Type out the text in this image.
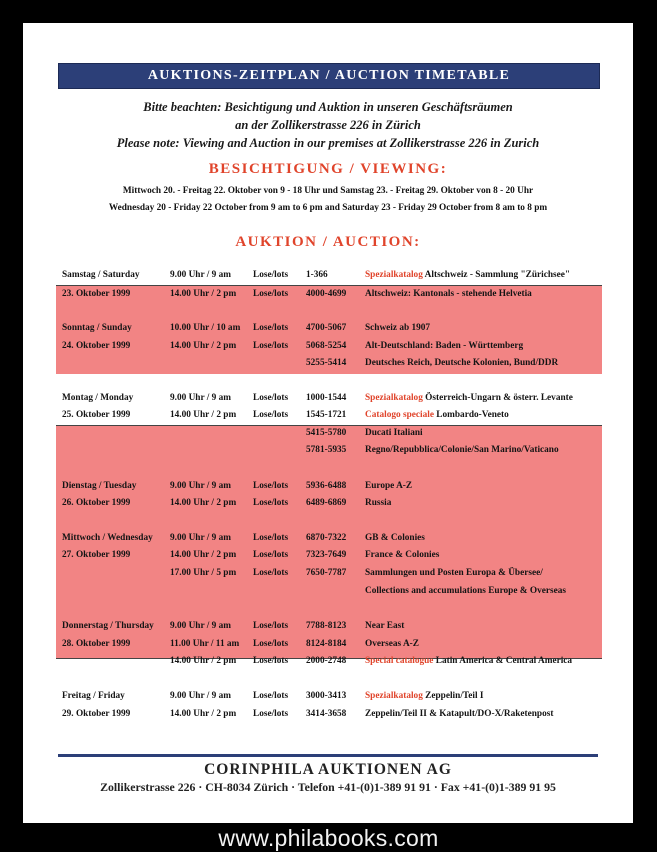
AUKTIONS-ZEITPLAN / AUCTION TIMETABLE
Bitte beachten: Besichtigung und Auktion in unseren Geschäftsräumen
an der Zollikerstrasse 226 in Zürich
Please note: Viewing and Auction in our premises at Zollikerstrasse 226 in Zurich
BESICHTIGUNG / VIEWING:
Mittwoch 20. - Freitag 22. Oktober von 9 - 18 Uhr und Samstag 23. - Freitag 29. Oktober von 8 - 20 Uhr
Wednesday 20 - Friday 22 October from 9 am to 6 pm and Saturday 23 - Friday 29 October from 8 am to 8 pm
AUKTION / AUCTION:
Samstag / Saturday	9.00 Uhr / 9 am Lose/lots 1-366	Spezialkatalog Altschweiz - Sammlung "Zürichsee"
23. Oktober 1999	14.00 Uhr / 2 pm Lose/lots 4000-4699 Altschweiz: Kantonals - stehende Helvetia
Sonntag / Sunday	10.00 Uhr / 10 am Lose/lots 4700-5067 Schweiz ab 1907
24. Oktober 1999	14.00 Uhr / 2 pm Lose/lots 5068-5254 Alt-Deutschland: Baden - Württemberg
5255-5414 Deutsches Reich, Deutsche Kolonien, Bund/DDR
Montag / Monday	9.00 Uhr / 9 am Lose/lots 1000-1544 Spezialkatalog Österreich-Ungarn & österr. Levante
25. Oktober 1999	14.00 Uhr / 2 pm Lose/lots 1545-1721 Catalogo speciale Lombardo-Veneto
5415-5780 Ducati Italiani
5781-5935 Regno/Repubblica/Colonie/San Marino/Vaticano
Dienstag / Tuesday	9.00 Uhr / 9 am Lose/lots 5936-6488 Europe A-Z
26. Oktober 1999	14.00 Uhr / 2 pm Lose/lots 6489-6869 Russia
Mittwoch / Wednesday 9.00 Uhr / 9 am Lose/lots 6870-7322 GB & Colonies
27. Oktober 1999	14.00 Uhr / 2 pm Lose/lots 7323-7649 France & Colonies
17.00 Uhr / 5 pm Lose/lots 7650-7787 Sammlungen und Posten Europa & Übersee/
Collections and accumulations Europe & Overseas
Donnerstag / Thursday 9.00 Uhr / 9 am Lose/lots 7788-8123 Near East
28. Oktober 1999	11.00 Uhr / 11 am Lose/lots 8124-8184 Overseas A-Z
14.00 Uhr / 2 pm Lose/lots 2000-2748 Special catalogue Latin America & Central America
Freitag / Friday	9.00 Uhr / 9 am Lose/lots 3000-3413 Spezialkatalog Zeppelin/Teil I
29. Oktober 1999	14.00 Uhr / 2 pm Lose/lots 3414-3658 Zeppelin/Teil II & Katapult/DO-X/Raketenpost
CORINPHILA AUKTIONEN AG
Zollikerstrasse 226 · CH-8034 Zürich · Telefon +41-(0)1-389 91 91 · Fax +41-(0)1-389 91 95
www.philabooks.com
